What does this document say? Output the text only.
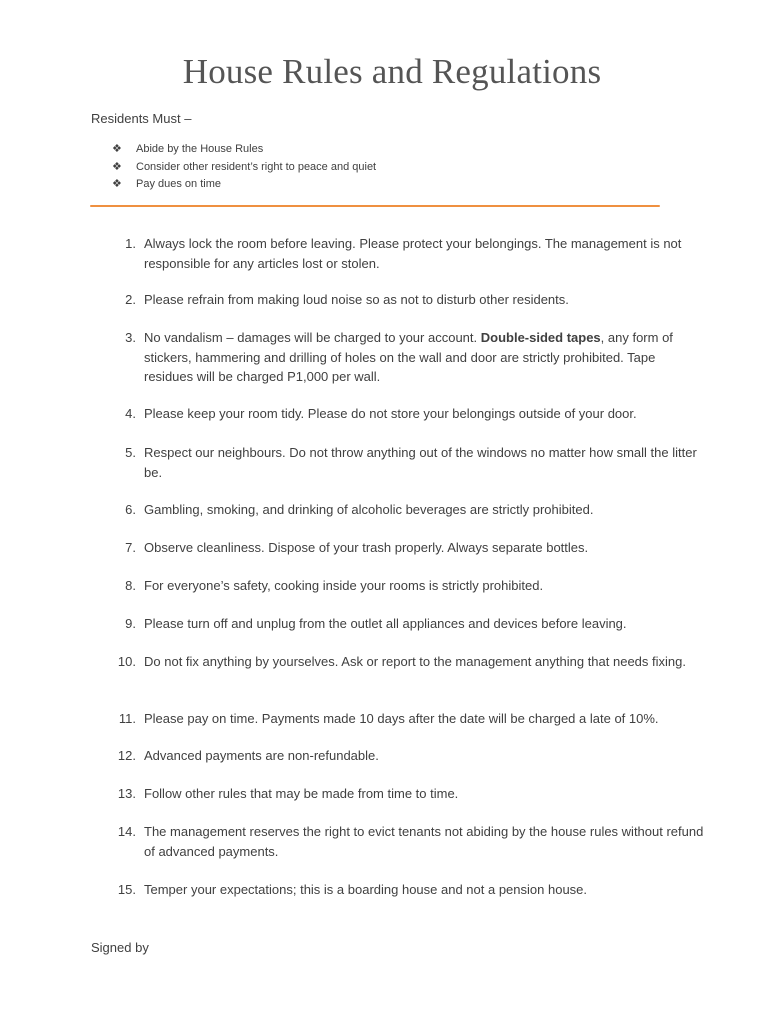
House Rules and Regulations
Residents Must –
❖	Abide by the House Rules
❖	Consider other resident’s right to peace and quiet
❖	Pay dues on time
1. Always lock the room before leaving. Please protect your belongings. The management is not responsible for any articles lost or stolen.
2. Please refrain from making loud noise so as not to disturb other residents.
3. No vandalism – damages will be charged to your account. Double-sided tapes, any form of stickers, hammering and drilling of holes on the wall and door are strictly prohibited. Tape residues will be charged P1,000 per wall.
4. Please keep your room tidy. Please do not store your belongings outside of your door.
5. Respect our neighbours. Do not throw anything out of the windows no matter how small the litter be.
6. Gambling, smoking, and drinking of alcoholic beverages are strictly prohibited.
7. Observe cleanliness. Dispose of your trash properly. Always separate bottles.
8. For everyone’s safety, cooking inside your rooms is strictly prohibited.
9. Please turn off and unplug from the outlet all appliances and devices before leaving.
10. Do not fix anything by yourselves. Ask or report to the management anything that needs fixing.
11. Please pay on time. Payments made 10 days after the date will be charged a late of 10%.
12. Advanced payments are non-refundable.
13. Follow other rules that may be made from time to time.
14. The management reserves the right to evict tenants not abiding by the house rules without refund of advanced payments.
15. Temper your expectations; this is a boarding house and not a pension house.
Signed by
